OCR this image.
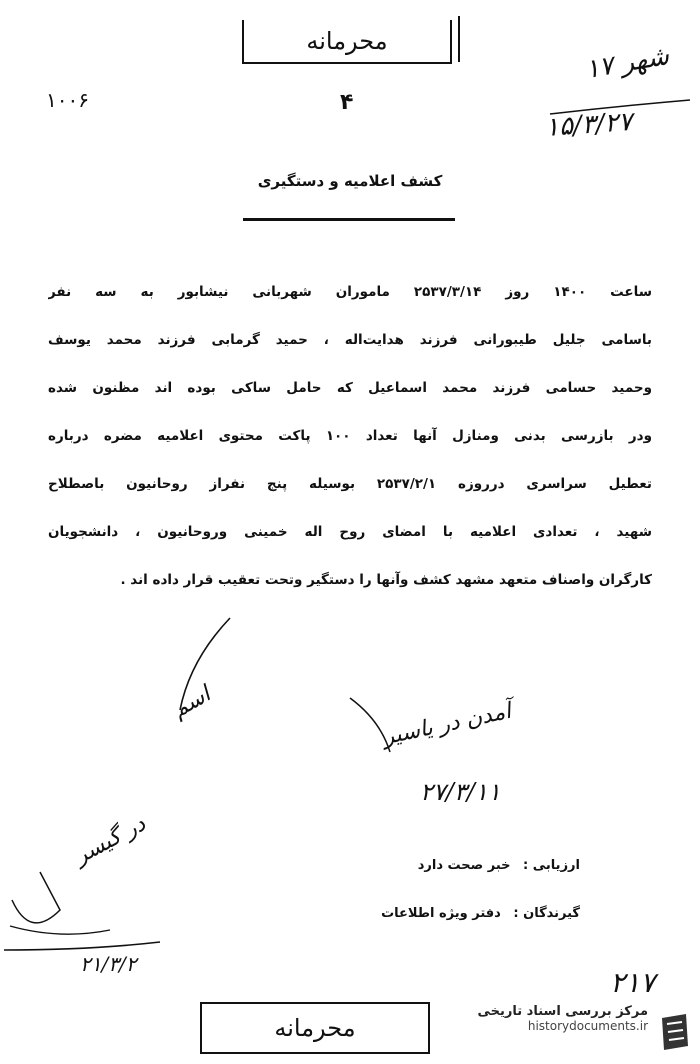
محرمانه
۱۰۰۶	۴
شهر ۱۷
۱۵/۳/۲۷
کشف اعلامیه و دستگیری
ساعت ۱۴۰۰ روز ۲۵۳۷/۳/۱۴ ماموران شهربانی نیشابور به سه نفر
باسامی جلیل طیبورانی فرزند هدایت‌اله ، حمید گرمابی فرزند محمد یوسف
وحمید حسامی فرزند محمد اسماعیل که حامل ساکی بوده اند مظنون شده
ودر بازرسی بدنی ومنازل آنها تعداد ۱۰۰ پاکت محتوی اعلامیه مضره درباره
تعطیل سراسری درروزه ۲۵۳۷/۲/۱ بوسیله پنج نفراز روحانیون باصطلاح
شهید ، تعدادی اعلامیه با امضای روح اله خمینی وروحانیون ، دانشجویان
کارگران واصناف متعهد مشهد کشف وآنها را دستگیر وتحت تعقیب قرار داده اند .
اسم	آمدن در یاسیر
۲۷/۳/۱۱
در گیسر
۲۱/۳/۲
ارزیابی : خبر صحت دارد
گیرندگان : دفتر ویژه اطلاعات
محرمانه
۲۱۷
مرکز بررسی اسناد تاریخی
historydocuments.ir
